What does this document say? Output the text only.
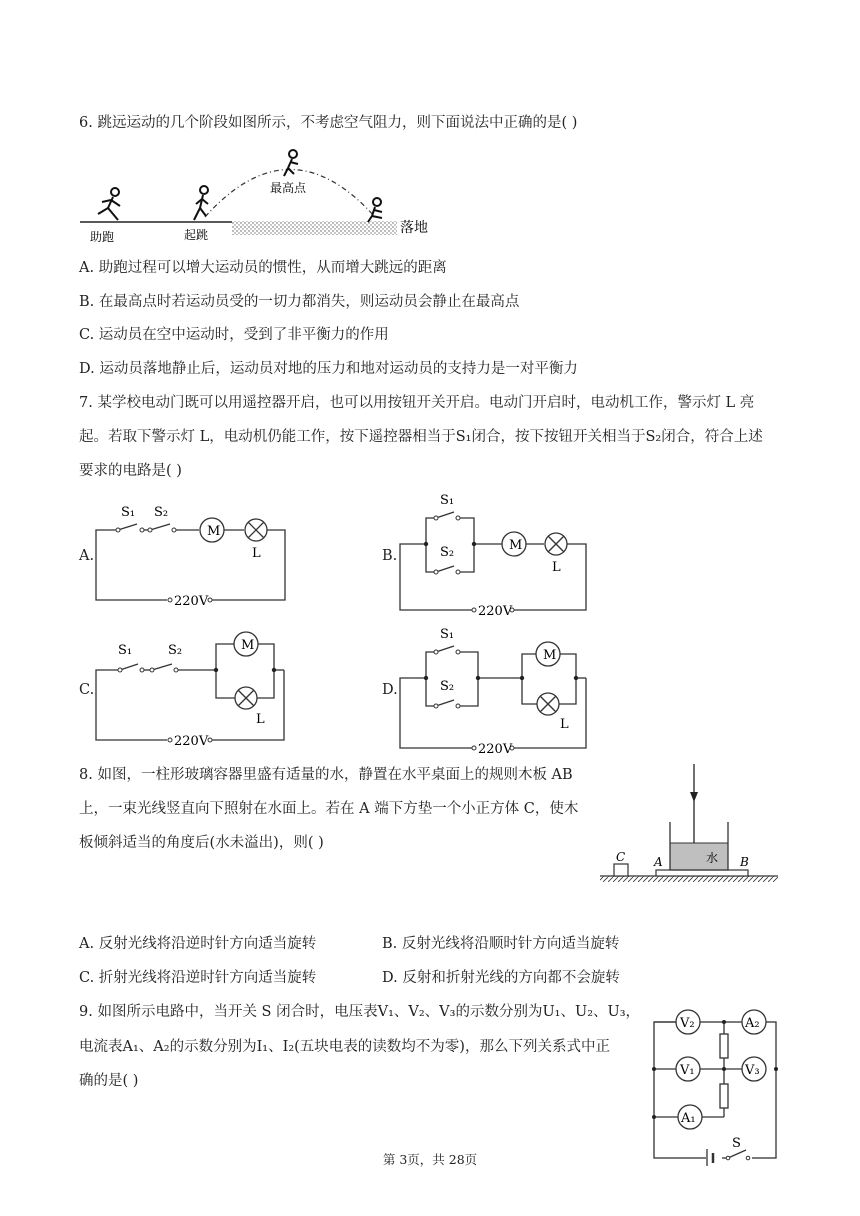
6. 跳远运动的几个阶段如图所示，不考虑空气阻力，则下面说法中正确的是( )
助跑	起跳
最高点
落地
A. 助跑过程可以增大运动员的惯性，从而增大跳远的距离
B. 在最高点时若运动员受的一切力都消失，则运动员会静止在最高点
C. 运动员在空中运动时，受到了非平衡力的作用
D. 运动员落地静止后，运动员对地的压力和地对运动员的支持力是一对平衡力
7. 某学校电动门既可以用遥控器开启，也可以用按钮开关开启。电动门开启时，电动机工作，警示灯 L 亮
起。若取下警示灯 L，电动机仍能工作，按下遥控器相当于S₁闭合，按下按钮开关相当于S₂闭合，符合上述
要求的电路是( )
A.
S₁ S₂
M
L
220V
B.
S₁
S₂	M
L
220V
C.
S₁	S₂	M
L
220V
D.
S₁
S₂
M
L
220V
8. 如图，一柱形玻璃容器里盛有适量的水，静置在水平桌面上的规则木板 AB
上，一束光线竖直向下照射在水面上。若在 A 端下方垫一个小正方体 C，使木
板倾斜适当的角度后(水未溢出)，则( )
C A	B
水
A. 反射光线将沿逆时针方向适当旋转	B. 反射光线将沿顺时针方向适当旋转
C. 折射光线将沿逆时针方向适当旋转	D. 反射和折射光线的方向都不会旋转
9. 如图所示电路中，当开关 S 闭合时，电压表V₁、V₂、V₃的示数分别为U₁、U₂、U₃，
电流表A₁、A₂的示数分别为I₁、I₂(五块电表的读数均不为零)，那么下列关系式中正
确的是( )
V₂	A₂
V₁	V₃
A₁
S
第 3页，共 28页
